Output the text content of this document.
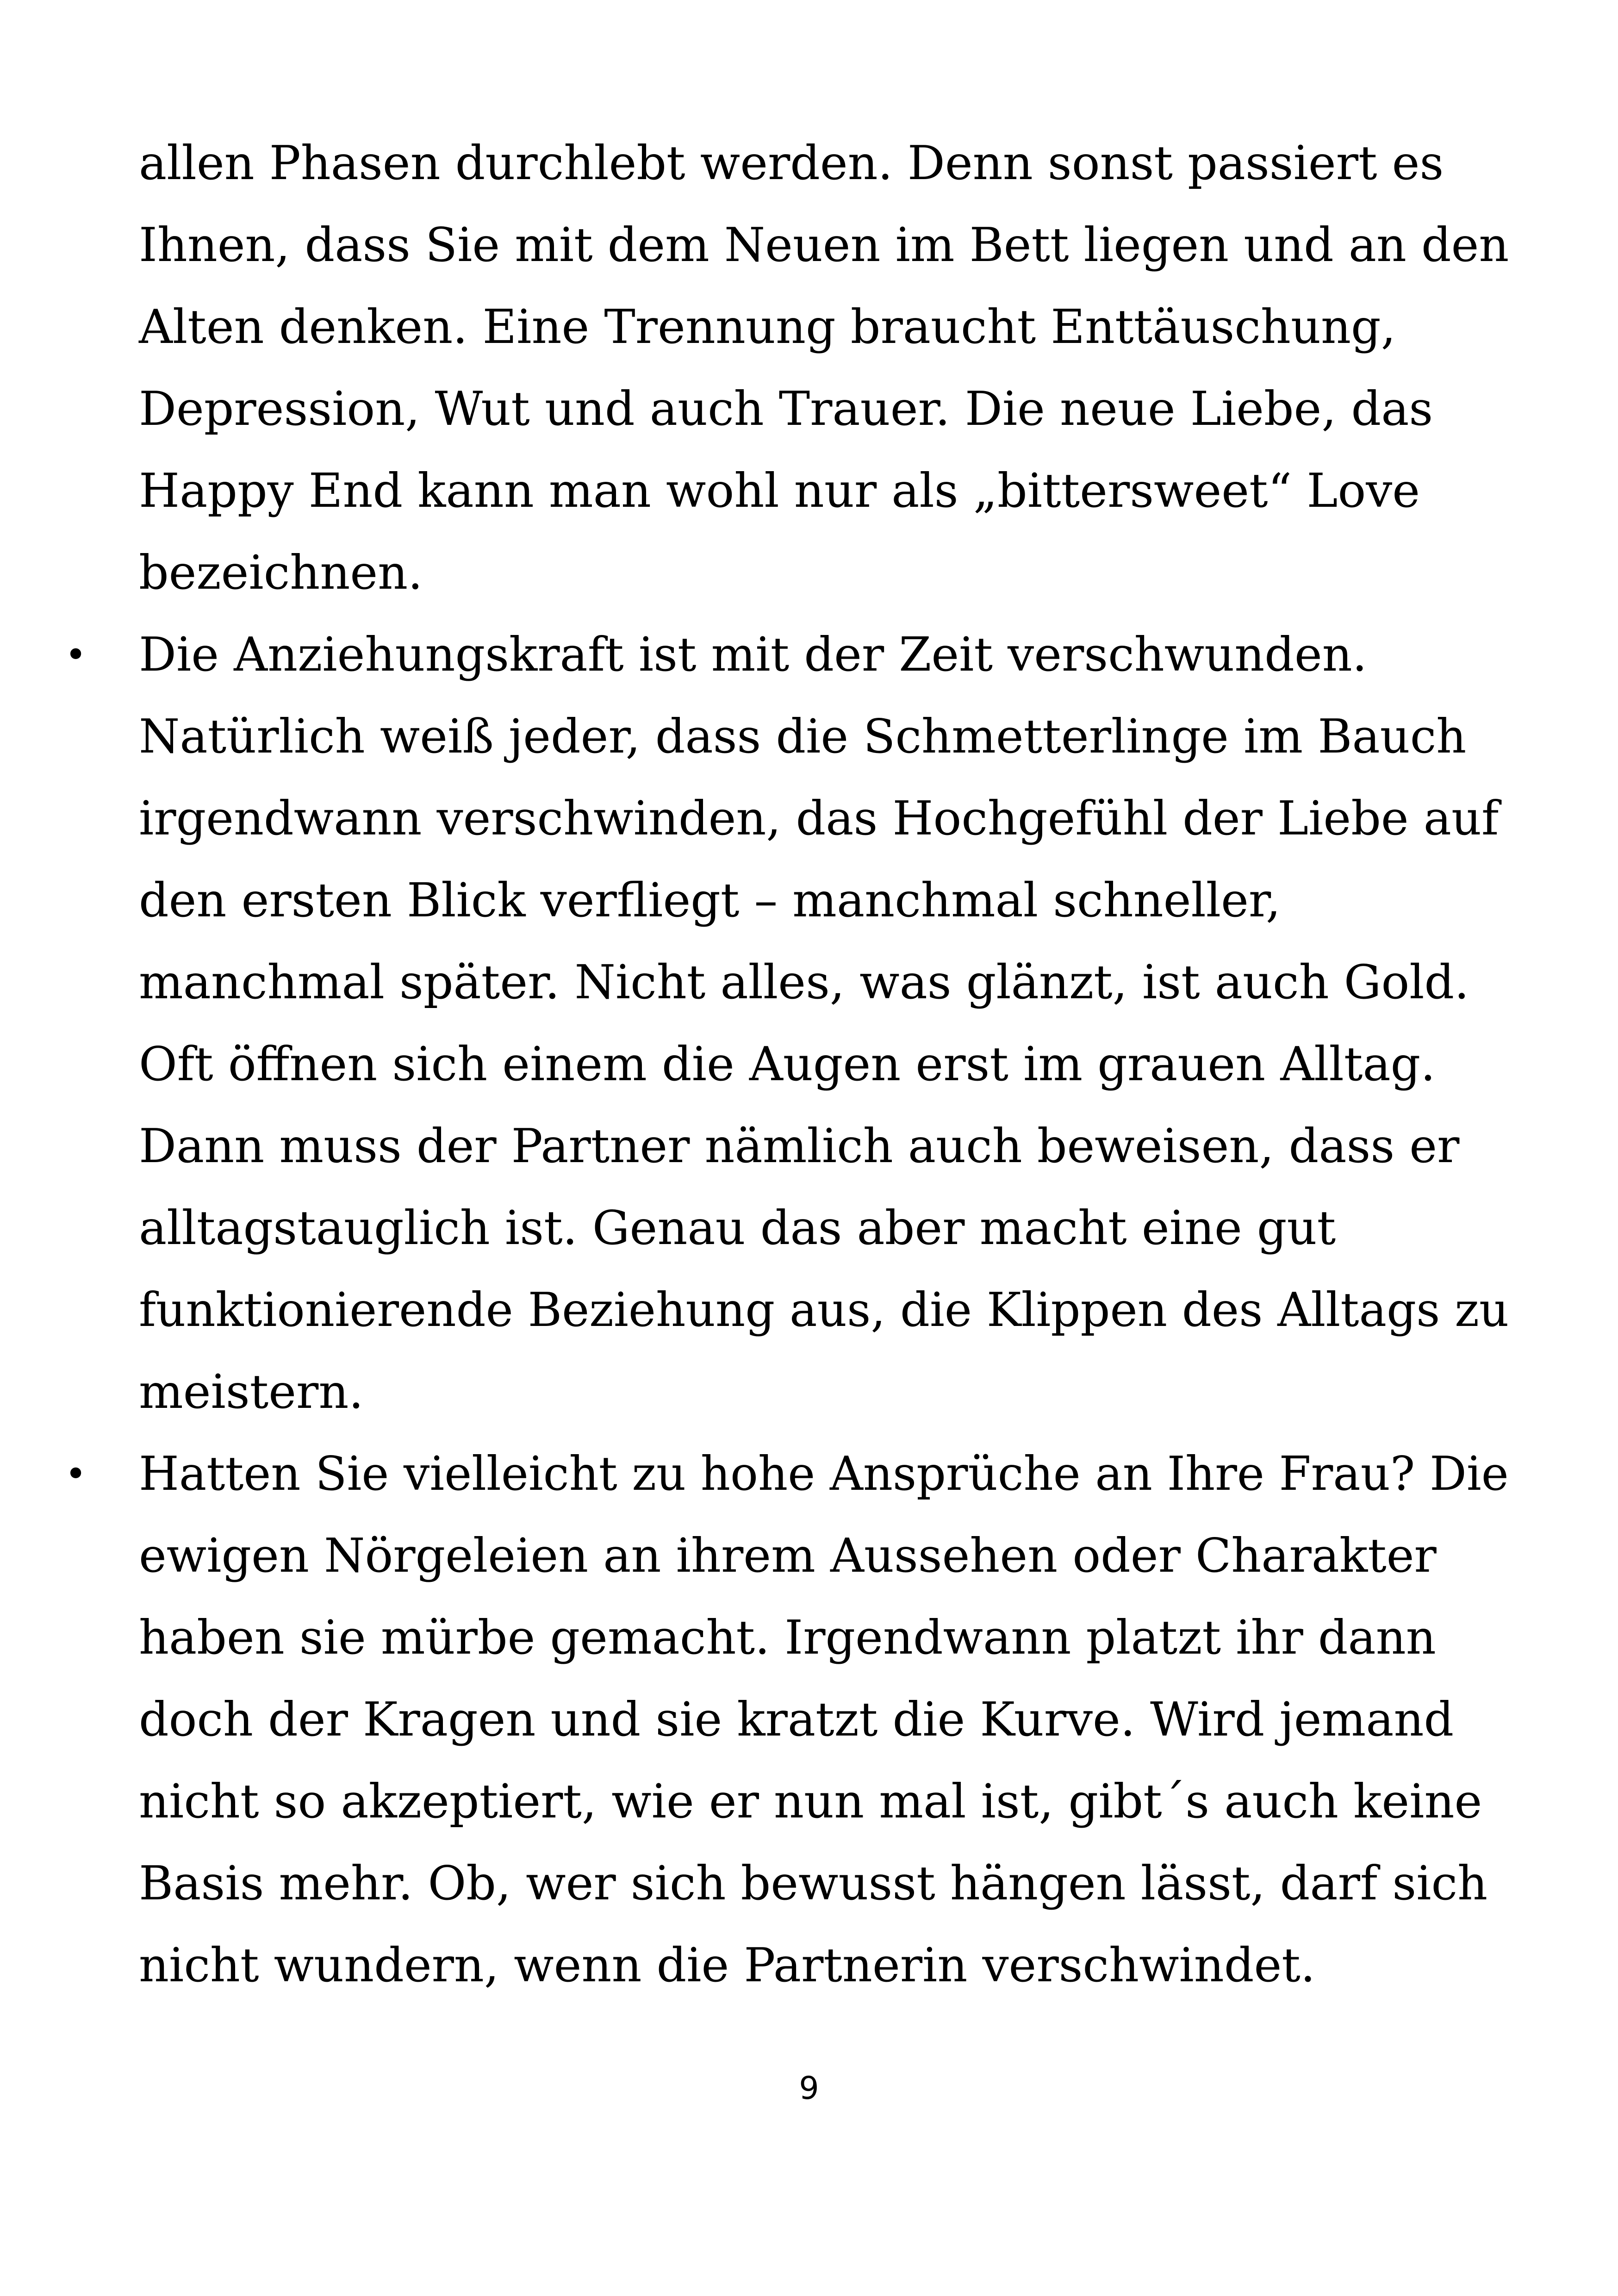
allen Phasen durchlebt werden. Denn sonst passiert es
Ihnen, dass Sie mit dem Neuen im Bett liegen und an den
Alten denken. Eine Trennung braucht Enttäuschung,
Depression, Wut und auch Trauer. Die neue Liebe, das
Happy End kann man wohl nur als „bittersweet“ Love
bezeichnen.
• Die Anziehungskraft ist mit der Zeit verschwunden.
Natürlich weiß jeder, dass die Schmetterlinge im Bauch
irgendwann verschwinden, das Hochgefühl der Liebe auf
den ersten Blick verfliegt – manchmal schneller,
manchmal später. Nicht alles, was glänzt, ist auch Gold.
Oft öffnen sich einem die Augen erst im grauen Alltag.
Dann muss der Partner nämlich auch beweisen, dass er
alltagstauglich ist. Genau das aber macht eine gut
funktionierende Beziehung aus, die Klippen des Alltags zu
meistern.
• Hatten Sie vielleicht zu hohe Ansprüche an Ihre Frau? Die
ewigen Nörgeleien an ihrem Aussehen oder Charakter
haben sie mürbe gemacht. Irgendwann platzt ihr dann
doch der Kragen und sie kratzt die Kurve. Wird jemand
nicht so akzeptiert, wie er nun mal ist, gibt´s auch keine
Basis mehr. Ob, wer sich bewusst hängen lässt, darf sich
nicht wundern, wenn die Partnerin verschwindet.
9
